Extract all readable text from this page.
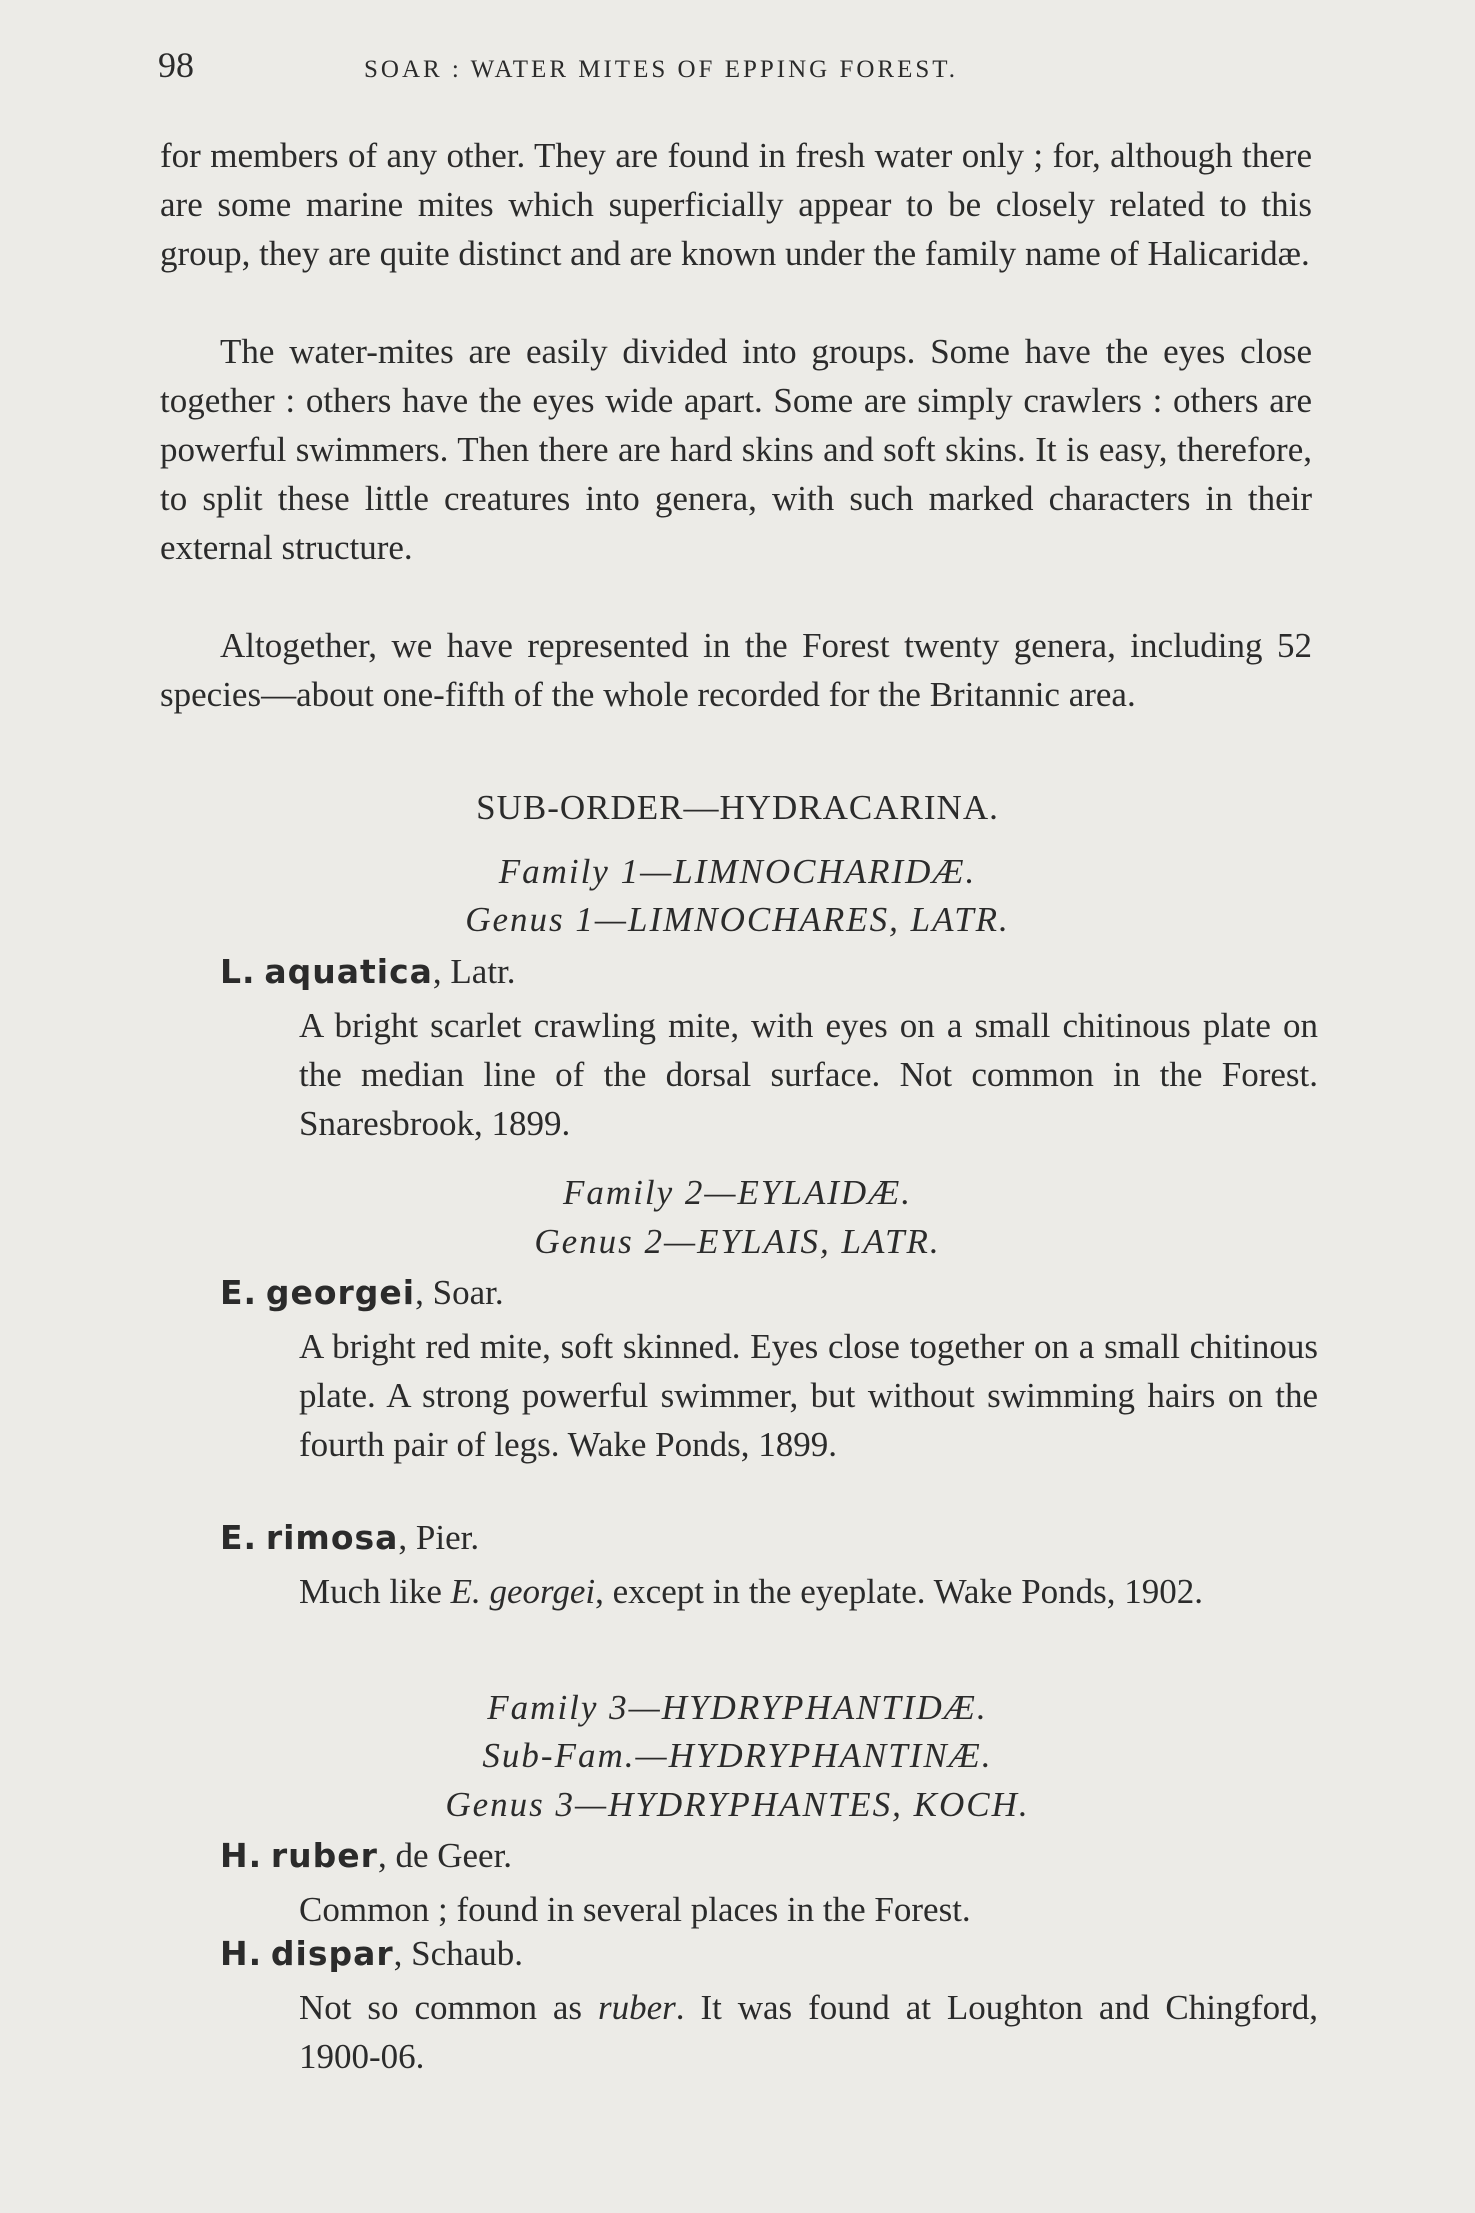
98	SOAR : WATER MITES OF EPPING FOREST.

for members of any other. They are found in fresh water only ; for, although there are some marine mites which superficially appear to be closely related to this group, they are quite distinct and are known under the family name of Halicaridæ.

The water-mites are easily divided into groups. Some have the eyes close together : others have the eyes wide apart. Some are simply crawlers : others are powerful swimmers. Then there are hard skins and soft skins. It is easy, therefore, to split these little creatures into genera, with such marked characters in their external structure.

Altogether, we have represented in the Forest twenty genera, including 52 species—about one-fifth of the whole recorded for the Britannic area.

SUB-ORDER—HYDRACARINA.

Family 1—LIMNOCHARIDÆ.

Genus 1—LIMNOCHARES, LATR.

L. aquatica, Latr.

A bright scarlet crawling mite, with eyes on a small chitinous plate on the median line of the dorsal surface. Not common in the Forest. Snaresbrook, 1899.

Family 2—EYLAIDÆ.

Genus 2—EYLAIS, LATR.

E. georgei, Soar.

A bright red mite, soft skinned. Eyes close together on a small chitinous plate. A strong powerful swimmer, but without swimming hairs on the fourth pair of legs. Wake Ponds, 1899.

E. rimosa, Pier.

Much like E. georgei, except in the eyeplate. Wake Ponds, 1902.

Family 3—HYDRYPHANTIDÆ.

Sub-Fam.—HYDRYPHANTINÆ.

Genus 3—HYDRYPHANTES, KOCH.

H. ruber, de Geer.

Common ; found in several places in the Forest.

H. dispar, Schaub.

Not so common as ruber. It was found at Loughton and Chingford, 1900-06.
